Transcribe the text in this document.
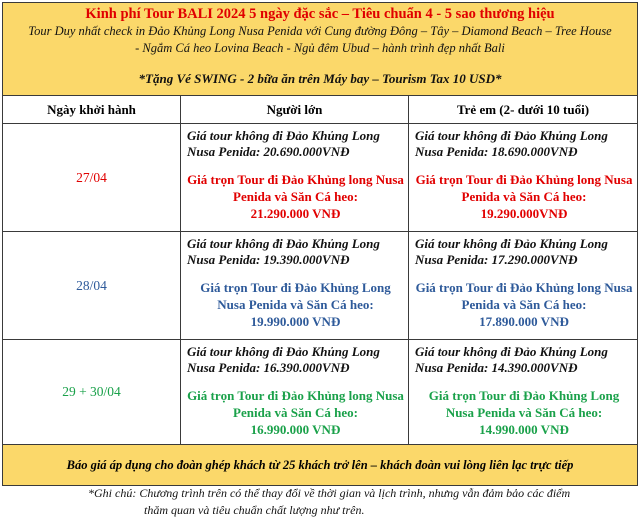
Kinh phí Tour BALI 2024 5 ngày đặc sắc – Tiêu chuẩn 4 - 5 sao thương hiệu
Tour Duy nhất check in Đảo Khủng Long Nusa Penida với Cung đường Đông – Tây – Diamond Beach – Tree House
- Ngắm Cá heo Lovina Beach - Ngủ đêm Ubud – hành trình đẹp nhất Bali
*Tặng Vé SWING - 2 bữa ăn trên Máy bay – Tourism Tax 10 USD*		

Ngày khởi hành	Người lớn	Trẻ em (2- dưới 10 tuổi)
27/04	Giá tour không đi Đảo Khủng Long Nusa Penida: 20.690.000VNĐ
Giá trọn Tour đi Đảo Khủng long Nusa Penida và Săn Cá heo:
21.290.000 VNĐ	Giá tour không đi Đảo Khủng Long Nusa Penida: 18.690.000VNĐ
Giá trọn Tour đi Đảo Khủng long Nusa Penida và Săn Cá heo:
19.290.000VNĐ

28/04	Giá tour không đi Đảo Khủng Long Nusa Penida: 19.390.000VNĐ
Giá trọn Tour đi Đảo Khủng Long Nusa Penida và Săn Cá heo:
19.990.000 VNĐ	Giá tour không đi Đảo Khủng Long Nusa Penida: 17.290.000VNĐ
Giá trọn Tour đi Đảo Khủng long Nusa Penida và Săn Cá heo:
17.890.000 VNĐ

29 + 30/04	Giá tour không đi Đảo Khủng Long Nusa Penida: 16.390.000VNĐ
Giá trọn Tour đi Đảo Khủng long Nusa Penida và Săn Cá heo:
16.990.000 VNĐ	Giá tour không đi Đảo Khủng Long Nusa Penida: 14.390.000VNĐ
Giá trọn Tour đi Đảo Khủng Long Nusa Penida và Săn Cá heo:
14.990.000 VNĐ

Báo giá áp dụng cho đoàn ghép khách từ 25 khách trở lên – khách đoàn vui lòng liên lạc trực tiếp		
*Ghi chú: Chương trình trên có thể thay đổi về thời gian và lịch trình, nhưng vẫn đảm bảo các điểm
thăm quan và tiêu chuẩn chất lượng như trên.
